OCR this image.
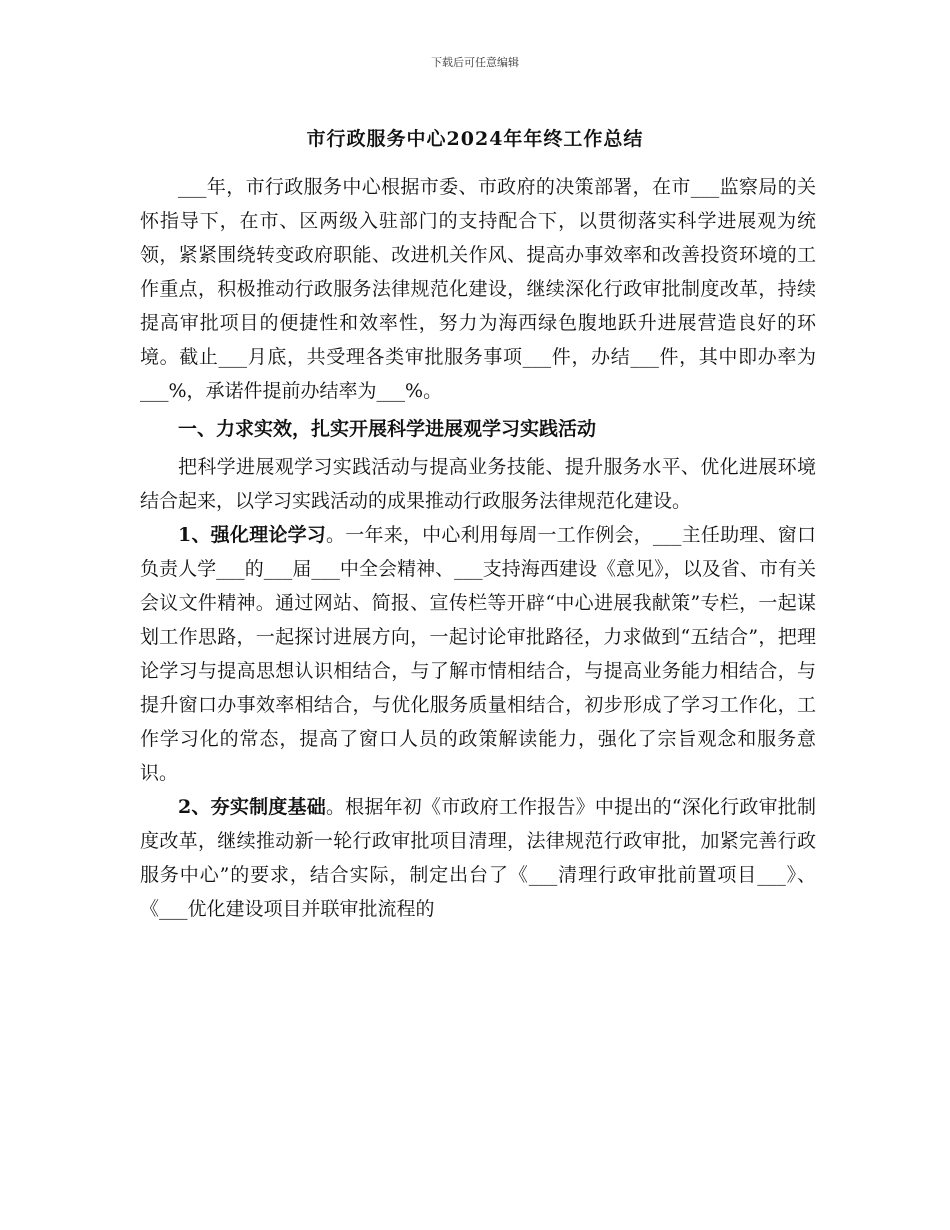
下载后可任意编辑
市行政服务中心2024年年终工作总结

___年，市行政服务中心根据市委、市政府的决策部署，在市___监察局的关怀指导下，在市、区两级入驻部门的支持配合下，以贯彻落实科学进展观为统领，紧紧围绕转变政府职能、改进机关作风、提高办事效率和改善投资环境的工作重点，积极推动行政服务法律规范化建设，继续深化行政审批制度改革，持续提高审批项目的便捷性和效率性，努力为海西绿色腹地跃升进展营造良好的环境。截止___月底，共受理各类审批服务事项___件，办结___件，其中即办率为___%，承诺件提前办结率为___%。

一、力求实效，扎实开展科学进展观学习实践活动

把科学进展观学习实践活动与提高业务技能、提升服务水平、优化进展环境结合起来，以学习实践活动的成果推动行政服务法律规范化建设。

1、强化理论学习。一年来，中心利用每周一工作例会，___主任助理、窗口负责人学___的___届___中全会精神、___支持海西建设《意见》，以及省、市有关会议文件精神。通过网站、简报、宣传栏等开辟“中心进展我献策”专栏，一起谋划工作思路，一起探讨进展方向，一起讨论审批路径，力求做到“五结合”，把理论学习与提高思想认识相结合，与了解市情相结合，与提高业务能力相结合，与提升窗口办事效率相结合，与优化服务质量相结合，初步形成了学习工作化，工作学习化的常态，提高了窗口人员的政策解读能力，强化了宗旨观念和服务意识。

2、夯实制度基础。根据年初《市政府工作报告》中提出的“深化行政审批制度改革，继续推动新一轮行政审批项目清理，法律规范行政审批，加紧完善行政服务中心”的要求，结合实际，制定出台了《___清理行政审批前置项目___》、《___优化建设项目并联审批流程的
